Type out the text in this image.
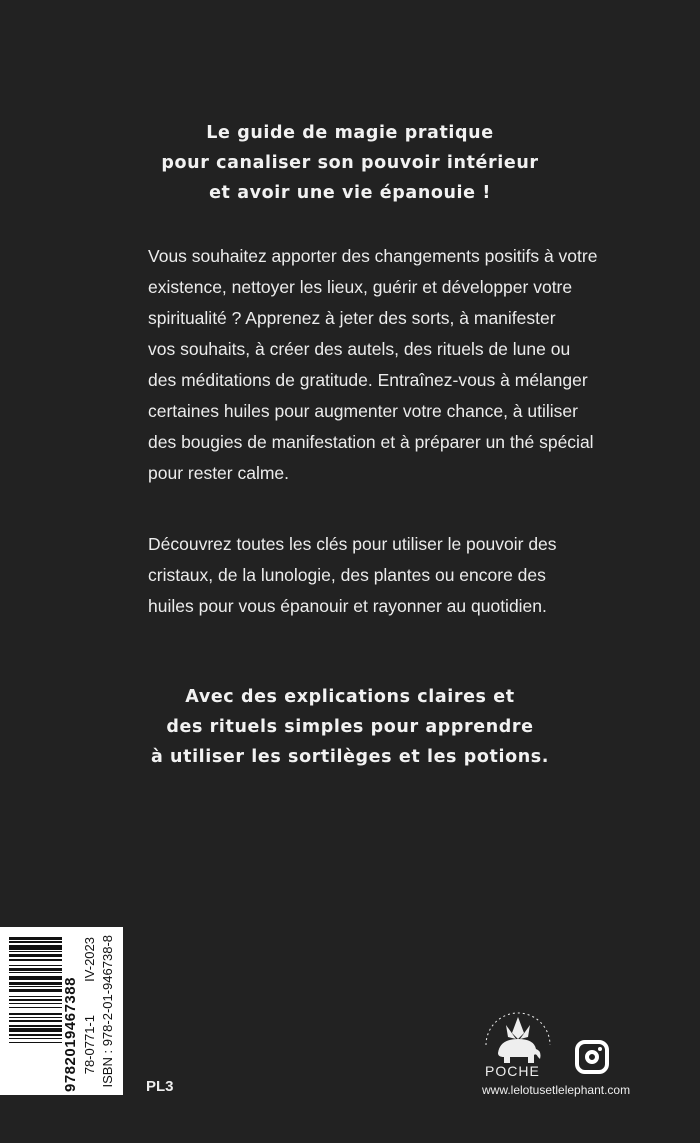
Le guide de magie pratique
pour canaliser son pouvoir intérieur
et avoir une vie épanouie !
Vous souhaitez apporter des changements positifs à votre
existence, nettoyer les lieux, guérir et développer votre
spiritualité ? Apprenez à jeter des sorts, à manifester
vos souhaits, à créer des autels, des rituels de lune ou
des méditations de gratitude. Entraînez-vous à mélanger
certaines huiles pour augmenter votre chance, à utiliser
des bougies de manifestation et à préparer un thé spécial
pour rester calme.
Découvrez toutes les clés pour utiliser le pouvoir des
cristaux, de la lunologie, des plantes ou encore des
huiles pour vous épanouir et rayonner au quotidien.
Avec des explications claires et
des rituels simples pour apprendre
à utiliser les sortilèges et les potions.
9782019467388 78-0771-1
IV-2023 ISBN : 978-2-01-946738-8 PL3
POCHE
www.lelotusetlelephant.com
